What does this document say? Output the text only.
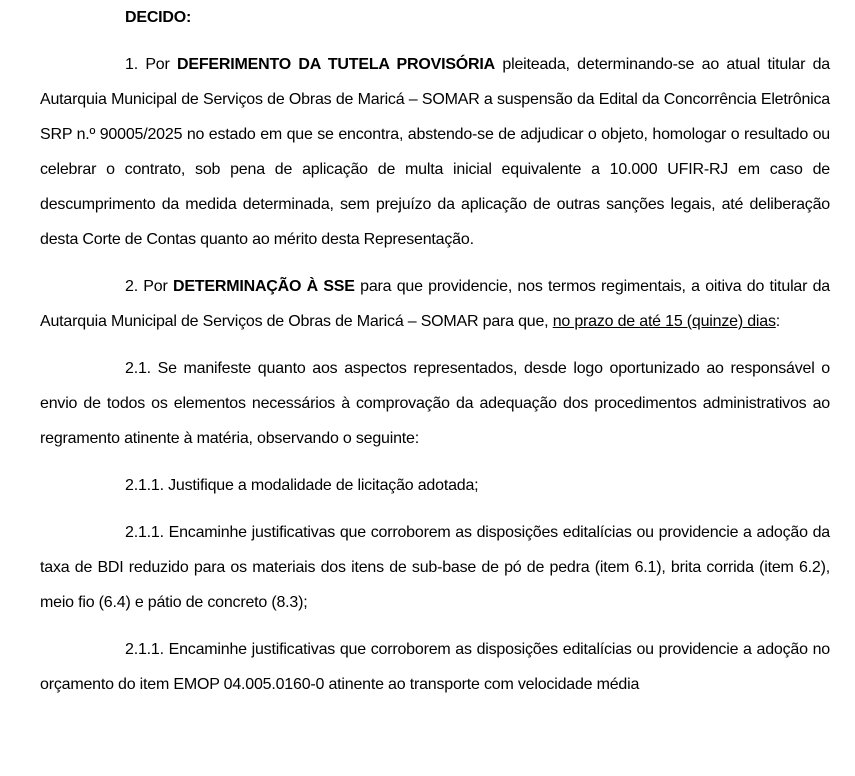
DECIDO:

1. Por DEFERIMENTO DA TUTELA PROVISÓRIA pleiteada, determinando-se ao atual titular da Autarquia Municipal de Serviços de Obras de Maricá – SOMAR a suspensão da Edital da Concorrência Eletrônica SRP n.º 90005/2025 no estado em que se encontra, abstendo-se de adjudicar o objeto, homologar o resultado ou celebrar o contrato, sob pena de aplicação de multa inicial equivalente a 10.000 UFIR-RJ em caso de descumprimento da medida determinada, sem prejuízo da aplicação de outras sanções legais, até deliberação desta Corte de Contas quanto ao mérito desta Representação.

2. Por DETERMINAÇÃO À SSE para que providencie, nos termos regimentais, a oitiva do titular da Autarquia Municipal de Serviços de Obras de Maricá – SOMAR para que, no prazo de até 15 (quinze) dias:

2.1. Se manifeste quanto aos aspectos representados, desde logo oportunizado ao responsável o envio de todos os elementos necessários à comprovação da adequação dos procedimentos administrativos ao regramento atinente à matéria, observando o seguinte:

2.1.1. Justifique a modalidade de licitação adotada;

2.1.1. Encaminhe justificativas que corroborem as disposições editalícias ou providencie a adoção da taxa de BDI reduzido para os materiais dos itens de sub-base de pó de pedra (item 6.1), brita corrida (item 6.2), meio fio (6.4) e pátio de concreto (8.3);

2.1.1. Encaminhe justificativas que corroborem as disposições editalícias ou providencie a adoção no orçamento do item EMOP 04.005.0160-0 atinente ao transporte com velocidade média
